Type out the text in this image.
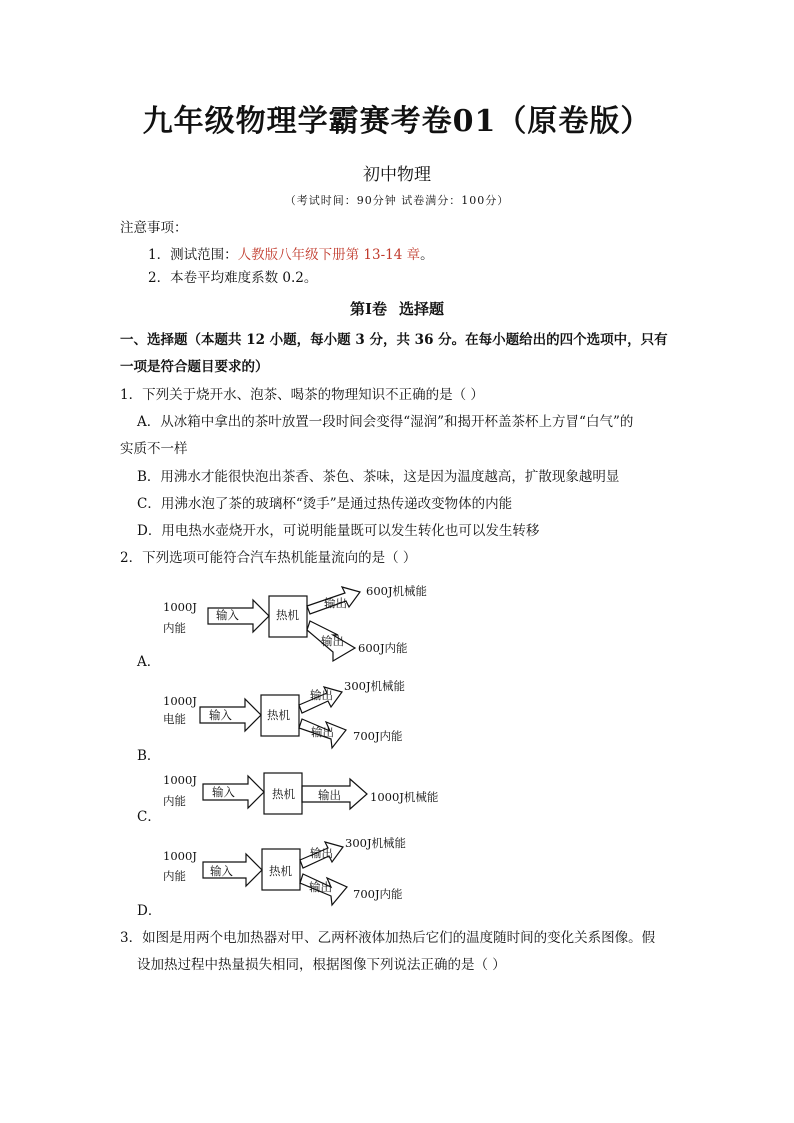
九年级物理学霸赛考卷01（原卷版）
初中物理
（考试时间：90分钟 试卷满分：100分）
注意事项：
1．测试范围：人教版八年级下册第 13-14 章。
2．本卷平均难度系数 0.2。
第Ⅰ卷 选择题
一、选择题（本题共 12 小题，每小题 3 分，共 36 分。在每小题给出的四个选项中，只有
一项是符合题目要求的）
1．下列关于烧开水、泡茶、喝茶的物理知识不正确的是（ ）
A．从冰箱中拿出的茶叶放置一段时间会变得“湿润”和揭开杯盖茶杯上方冒“白气”的
实质不一样
B．用沸水才能很快泡出茶香、茶色、茶味，这是因为温度越高，扩散现象越明显
C．用沸水泡了茶的玻璃杯“烫手”是通过热传递改变物体的内能
D．用电热水壶烧开水，可说明能量既可以发生转化也可以发生转移
2．下列选项可能符合汽车热机能量流向的是（ ）
A．
1000J
内能
输入	热机
输出
输出
600J机械能
600J内能
B．
1000J
电能 输入	热机
输出
输出
300J机械能
700J内能
C．
1000J
内能
输入	热机 输出	1000J机械能
D．
1000J
内能 输入	热机
输出
输出
300J机械能
700J内能
3．如图是用两个电加热器对甲、乙两杯液体加热后它们的温度随时间的变化关系图像。假
设加热过程中热量损失相同，根据图像下列说法正确的是（ ）
